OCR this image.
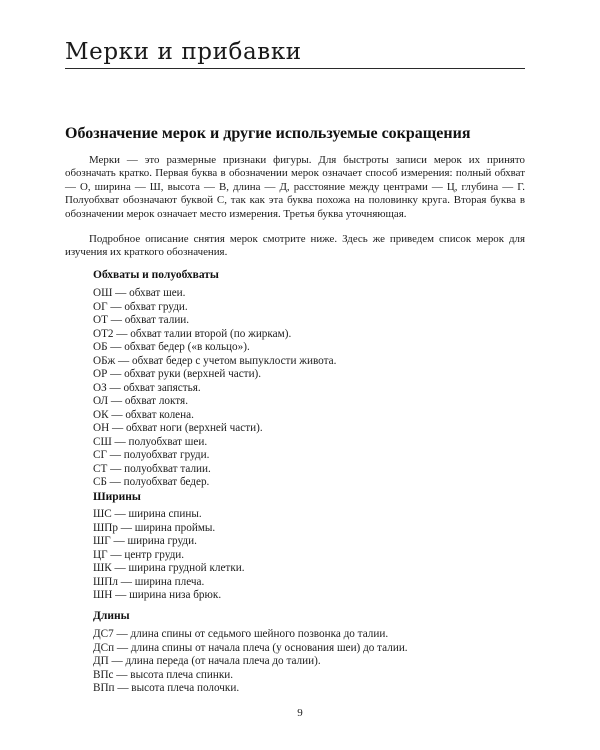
Мерки и прибавки
Обозначение мерок и другие используемые сокращения

Мерки — это размерные признаки фигуры. Для быстроты записи мерок их принято обозначать кратко. Первая буква в обозначении мерок означает способ измерения: полный обхват — О, ширина — Ш, высота — В, длина — Д, расстояние между центрами — Ц, глубина — Г. Полуобхват обозначают буквой С, так как эта буква похожа на половинку круга. Вторая буква в обозначении мерок означает место измерения. Третья буква уточняющая.

Подробное описание снятия мерок смотрите ниже. Здесь же приведем список мерок для изучения их краткого обозначения.

Обхваты и полуобхваты
ОШ — обхват шеи.
ОГ — обхват груди.
ОТ — обхват талии.
ОТ2 — обхват талии второй (по жиркам).
ОБ — обхват бедер («в кольцо»).
ОБж — обхват бедер с учетом выпуклости живота.
ОР — обхват руки (верхней части).
ОЗ — обхват запястья.
ОЛ — обхват локтя.
ОК — обхват колена.
ОН — обхват ноги (верхней части).
СШ — полуобхват шеи.
СГ — полуобхват груди.
СТ — полуобхват талии.
СБ — полуобхват бедер.
Ширины
ШС — ширина спины.
ШПр — ширина проймы.
ШГ — ширина груди.
ЦГ — центр груди.
ШК — ширина грудной клетки.
ШПл — ширина плеча.
ШН — ширина низа брюк.
Длины
ДС7 — длина спины от седьмого шейного позвонка до талии.
ДСп — длина спины от начала плеча (у основания шеи) до талии.
ДП — длина переда (от начала плеча до талии).
ВПс — высота плеча спинки.
ВПп — высота плеча полочки.
9
